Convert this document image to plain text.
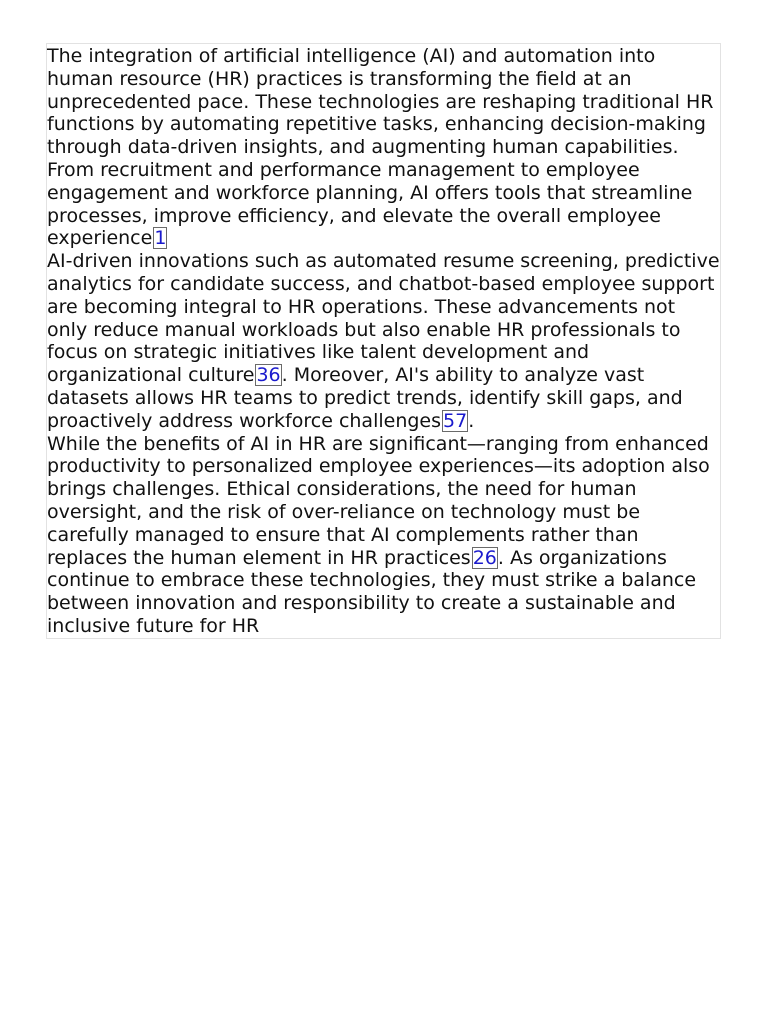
The integration of artificial intelligence (AI) and automation into human resource (HR) practices is transforming the field at an unprecedented pace. These technologies are reshaping traditional HR functions by automating repetitive tasks, enhancing decision-making through data-driven insights, and augmenting human capabilities. From recruitment and performance management to employee engagement and workforce planning, AI offers tools that streamline processes, improve efficiency, and elevate the overall employee experience 1

AI-driven innovations such as automated resume screening, predictive analytics for candidate success, and chatbot-based employee support are becoming integral to HR operations. These advancements not only reduce manual workloads but also enable HR professionals to focus on strategic initiatives like talent development and organizational culture 36. Moreover, AI's ability to analyze vast datasets allows HR teams to predict trends, identify skill gaps, and proactively address workforce challenges 57.

While the benefits of AI in HR are significant—ranging from enhanced productivity to personalized employee experiences—its adoption also brings challenges. Ethical considerations, the need for human oversight, and the risk of over-reliance on technology must be carefully managed to ensure that AI complements rather than replaces the human element in HR practices 26. As organizations continue to embrace these technologies, they must strike a balance between innovation and responsibility to create a sustainable and inclusive future for HR
